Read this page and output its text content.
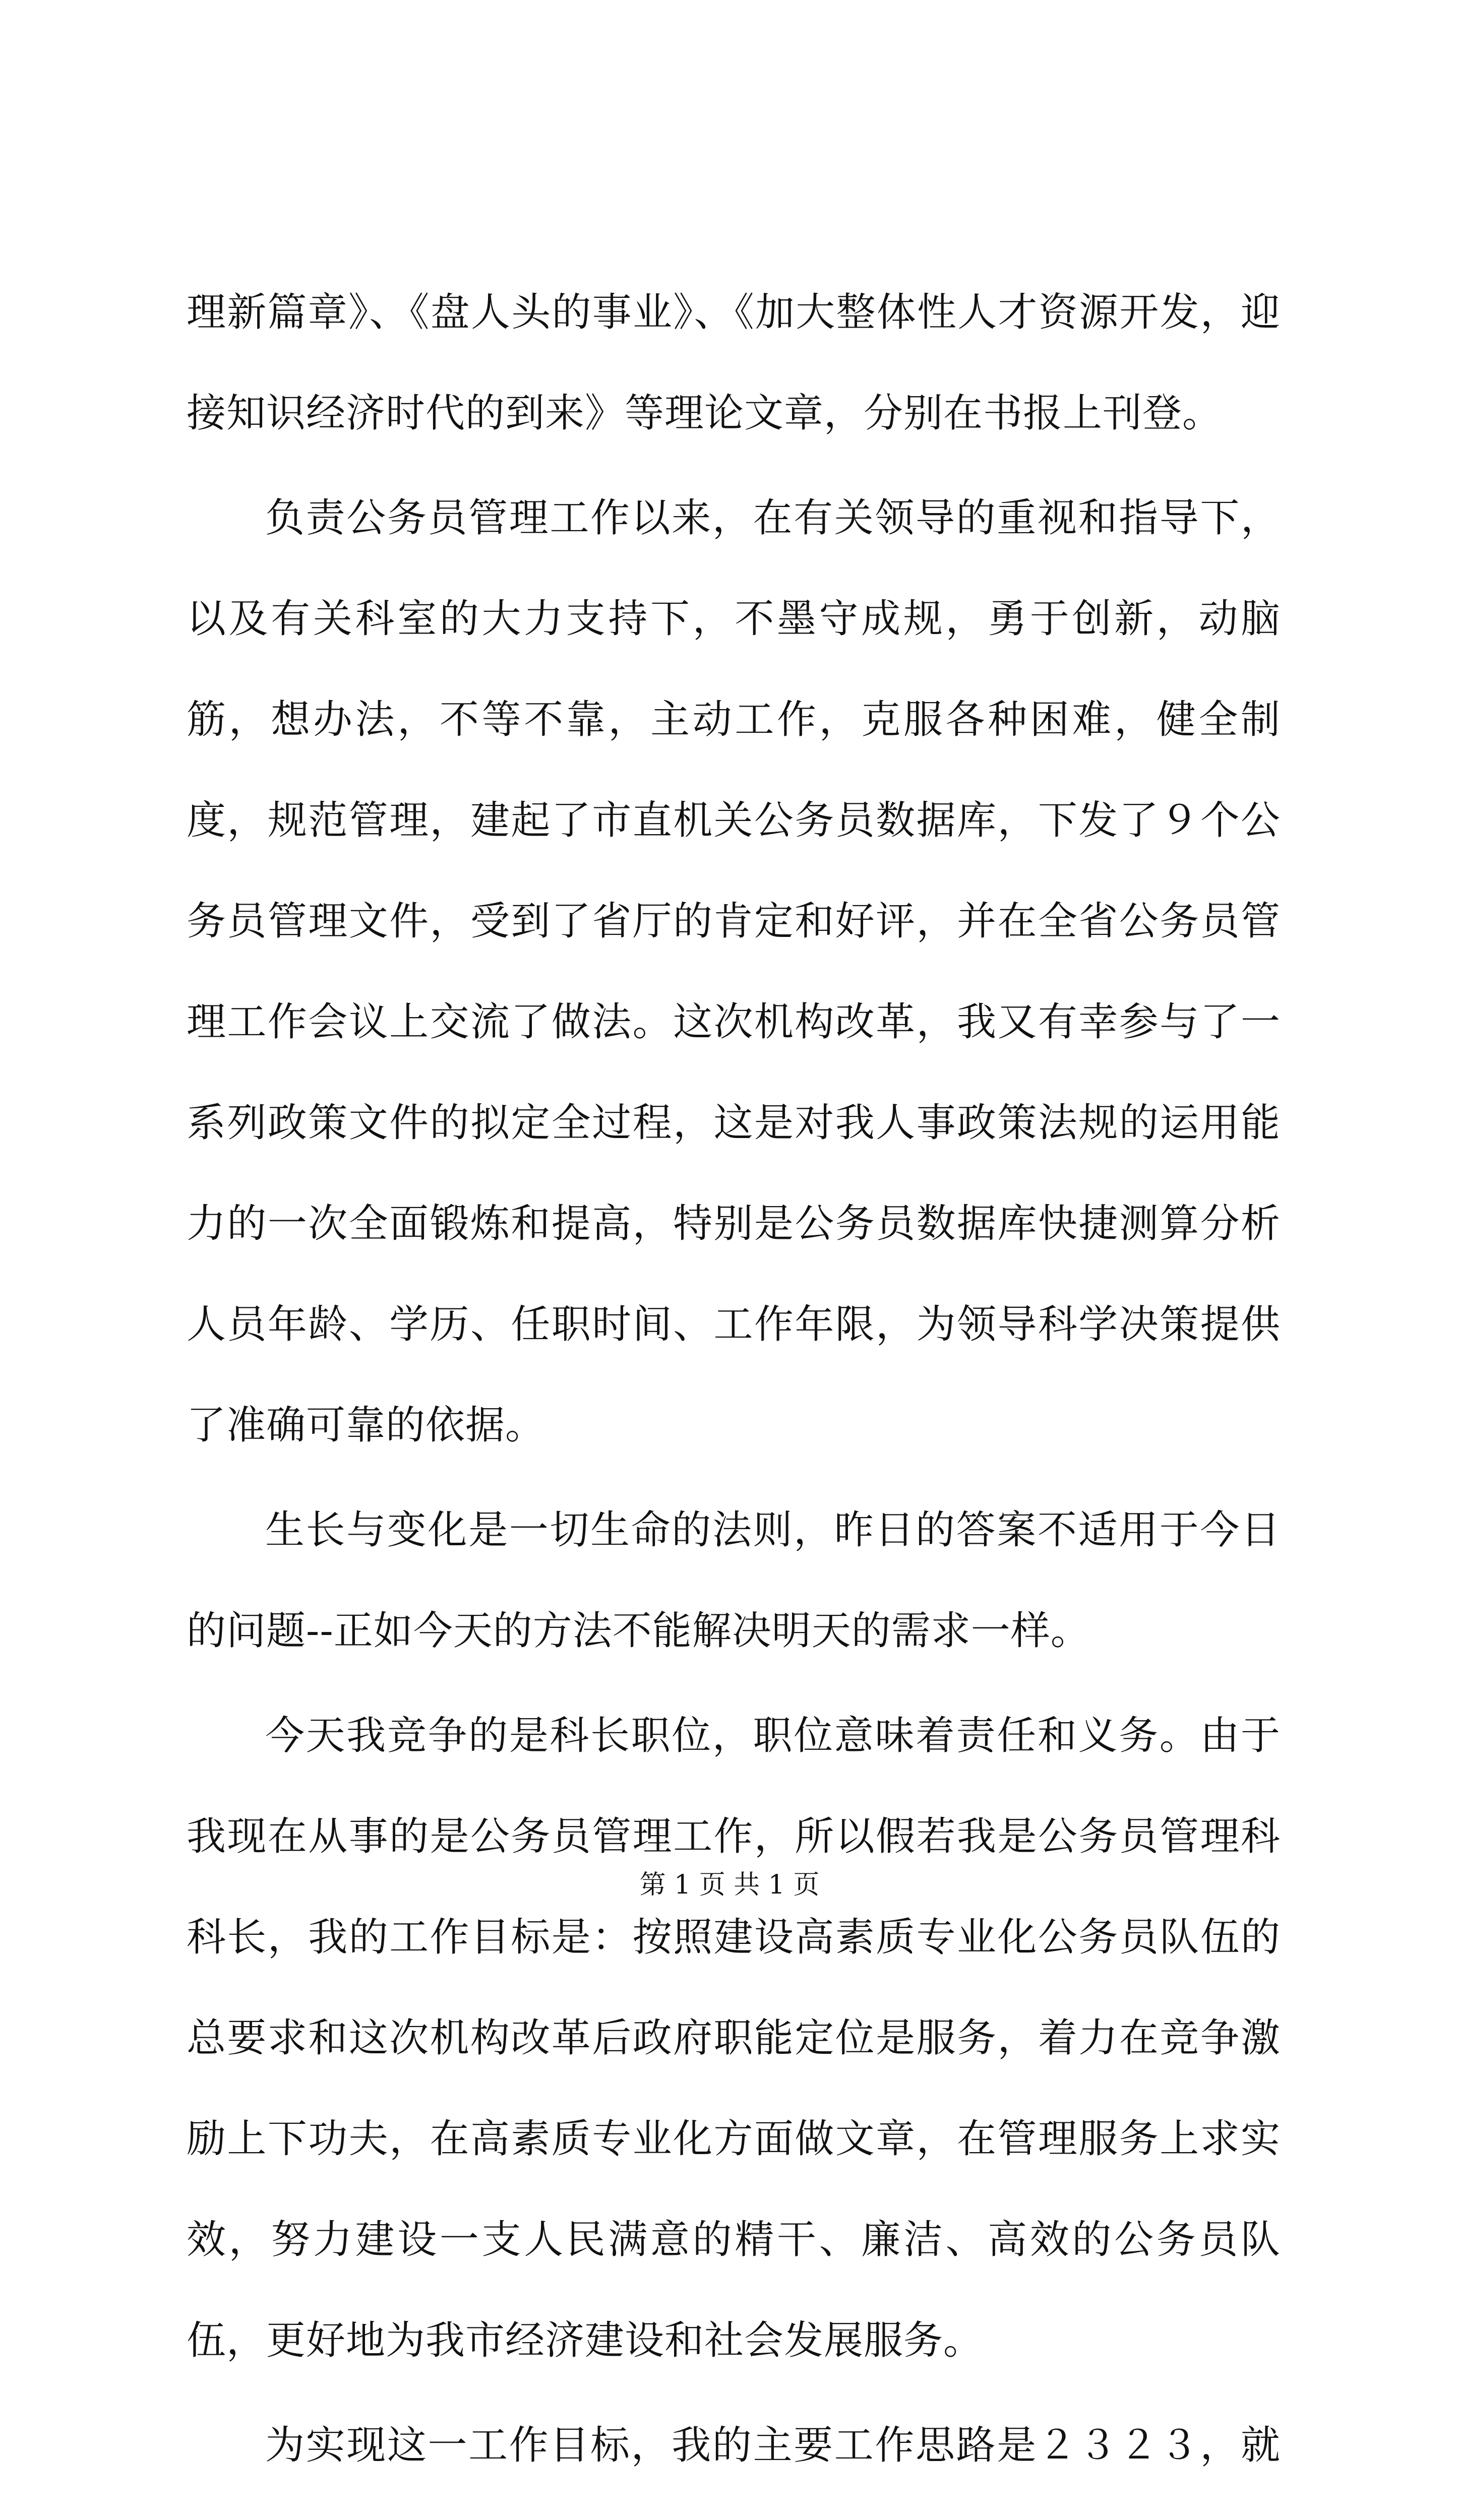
理新篇章》、《盘人头的事业》、《加大整体性人才资源开发，迎接知识经济时代的到来》等理论文章，分别在书报上刊登。

负责公务员管理工作以来，在有关领导的重视和指导下，以及有关科室的大力支持下，不墨守成规，勇于创新，动脑筋，想办法，不等不靠，主动工作，克服各种困难，健全制度，规范管理，建起了市直机关公务员数据库，下发了９个公务员管理文件，受到了省厅的肯定和好评，并在全省公务员管理工作会议上交流了做法。这次机构改革，我又有幸参与了一系列政策文件的拟定全过程，这是对我人事政策法规的运用能力的一次全面锻炼和提高，特别是公务员数据库快捷测算分析人员年龄、学历、任职时间、工作年限，为领导科学决策提供了准确可靠的依据。

生长与变化是一切生命的法则，昨日的答案不适用于今日的问题--正如今天的方法不能解决明天的需求一样。

今天我竞争的是科长职位，职位意味着责任和义务。由于我现在从事的是公务员管理工作，所以假若我是公务员管理科科长，我的工作目标是：按照建设高素质专业化公务员队伍的总要求和这次机构改革后政府职能定位是服务，着力在竞争激励上下功夫，在高素质专业化方面做文章，在管理服务上求实效，努力建设一支人民满意的精干、廉洁、高效的公务员队伍，更好地为我市经济建设和社会发展服务。

为实现这一工作目标，我的主要工作思路是２３２３，就

第 1 页 共 1 页
